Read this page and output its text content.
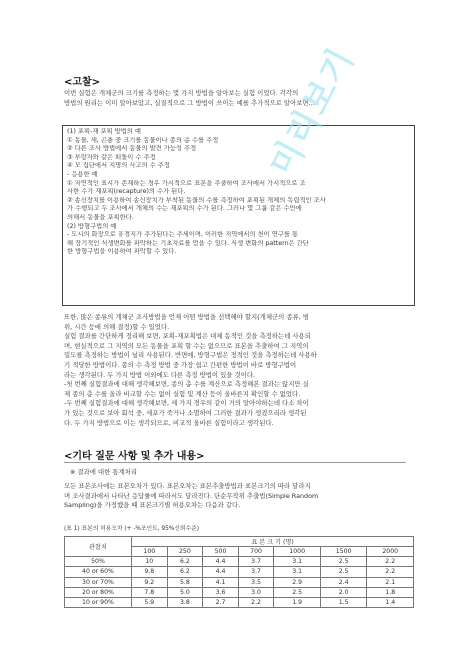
<고찰>
이번 실험은 개체군의 크기를 측정하는 몇 가지 방법을 알아보는 실험 이었다. 각각의
방법의 원리는 이미 알아보았고, 실질적으로 그 방법이 쓰이는 예를 추가적으로 알아보면…
(1) 포획-재 포획 방법의 예
① 동물, 새, 곤충 중 크기를 동물이나 종의 총 수를 추정
② 다른 조사 방법에서 동물의 발견 가능성 추정
③ 부랑자와 같은 떠돌이 수 추정
④ 모 집단에서 지명의 사고의 수 추정
- 응용한 예
① 자연적인 표시가 존재하는 경우 가시적으로 표본을 추출하여 조사에서 가시적으로 조
사한 수가 재포획(recapture)의 수가 된다.
② 송신장치를 이용하여 송신장치가 부착된 동물의 수를 측정하여 포획된 개체의 독립적인 조사
가 수행되고 두 조사에서 개체의 수는 재포획의 수가 된다. 그러나 몇 그룹 같은 수만에
의해서 동물을 포획한다.
(2) 방형구법의 예
- 도시의 화장으로 휴경지가 추가된다는 추세이며, 이러한 지역에서의 천이 연구를 통
해 장기적인 식생변화를 파악하는 기초자료를 얻을 수 있다. 식생 변화의 pattern은 간단
한 방형구법을 이용하여 파악할 수 있다.
또한, 많은 종류의 개체군 조사방법을 언제 어떤 방법을 선택해야 할지(개체군의 종류, 범
위, 시간 등에 의해 결정)할 수 있었다.
실험 결과를 간단하게 정리해 보면, 포획-재포획법은 대체 동적인 것을 측정하는데 사용되
며, 현실적으로 그 지역의 모든 동물을 포획 할 수는 없으므로 표본을 추출하여 그 지역의
밀도를 측정하는 방법이 널리 사용된다. 반면에, 방형구법은 정적인 것을 측정하는데 사용하
기 적당한 방법이다. 종의 수 측정 방법 중 가장 쉽고 간편한 방법이 바로 방형구법이
라는 생각된다. 두 가지 방법 이외에도 다른 측정 방법이 있을 것이다.
-첫 번째 실험결과에 대해 생각해보면, 종의 총 수를 계산으로 측정해본 결과는 않지만 실
제 종의 총 수를 올라 비교할 수는 없어 실험 및 계산 등이 올바른지 확인할 수 없었다.
-두 번째 실험결과에 대해 생각해보면, 세 가지 경우의 같이 거의 알아야하는데 다소 차이
가 있는 것으로 보아 회석 중, 세포가 죽거나 소멸하여 그러한 결과가 생겼으리라 생각된
다. 두 가지 방법으로 이는 생각되므로, 비교적 올바른 실험이라고 생각된다.
<기타 질문 사항 및 추가 내용>
※ 결과에 대한 통계처리
모든 표본조사에는 표본오차가 있다. 표본오차는 표본추출방법과 표본크기의 따라 달라지
며 조사결과에서 나타난 응답률에 따라서도 달라진다. 단순무작위 추출법(Simple Random
Sampling)을 가정했을 때 표본크기별 허용오차는 다음과 같다.
(표 1) 표본의 허용오차 (+ -%포인트, 95%신뢰수준)
관찰치	표 본 크 기 (명)						
	100	250	500	700	1000	1500	2000
50%	10	6.2	4.4	3.7	3.1	2.5	2.2
40 or 60%	9.8	6.2	4.4	3.7	3.1	2.5	2.2
30 or 70%	9.2	5.8	4.1	3.5	2.9	2.4	2.1
20 or 80%	7.8	5.0	3.6	3.0	2.5	2.0	1.8
10 or 90%	5.9	3.8	2.7	2.2	1.9	1.5	1.4
미리보기
